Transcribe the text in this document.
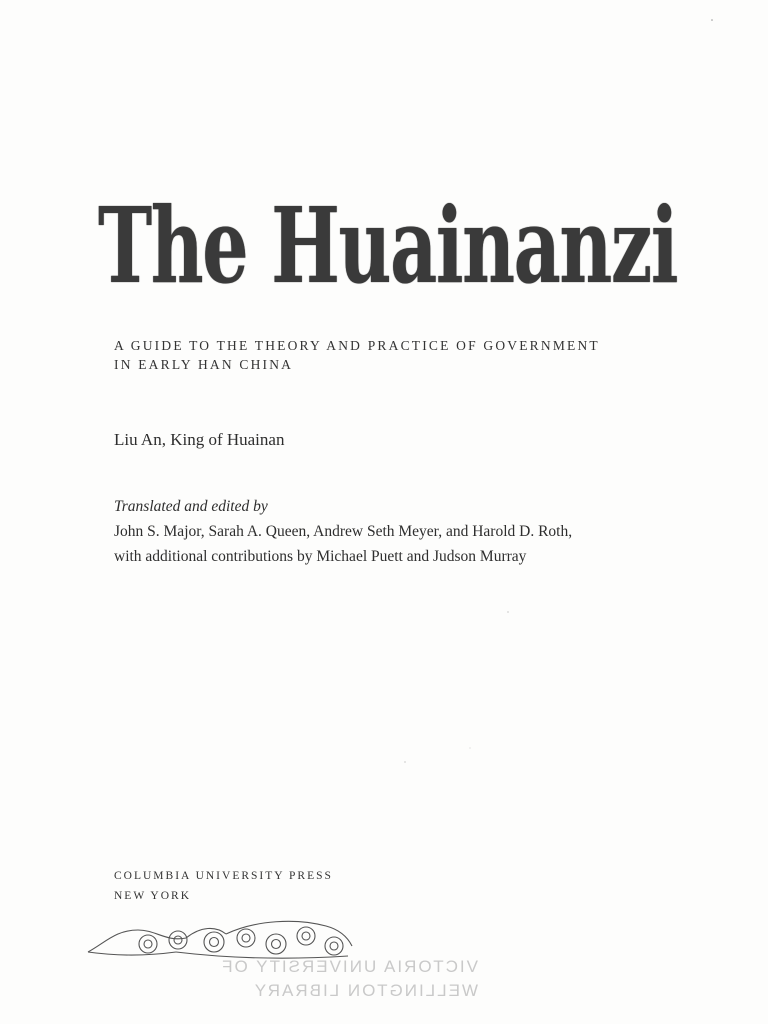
The Huainanzi
A GUIDE TO THE THEORY AND PRACTICE OF GOVERNMENT
IN EARLY HAN CHINA
Liu An, King of Huainan
Translated and edited by
John S. Major, Sarah A. Queen, Andrew Seth Meyer, and Harold D. Roth,
with additional contributions by Michael Puett and Judson Murray
COLUMBIA UNIVERSITY PRESS
NEW YORK
VICTORIA UNIVERSITY OF
WELLINGTON LIBRARY
